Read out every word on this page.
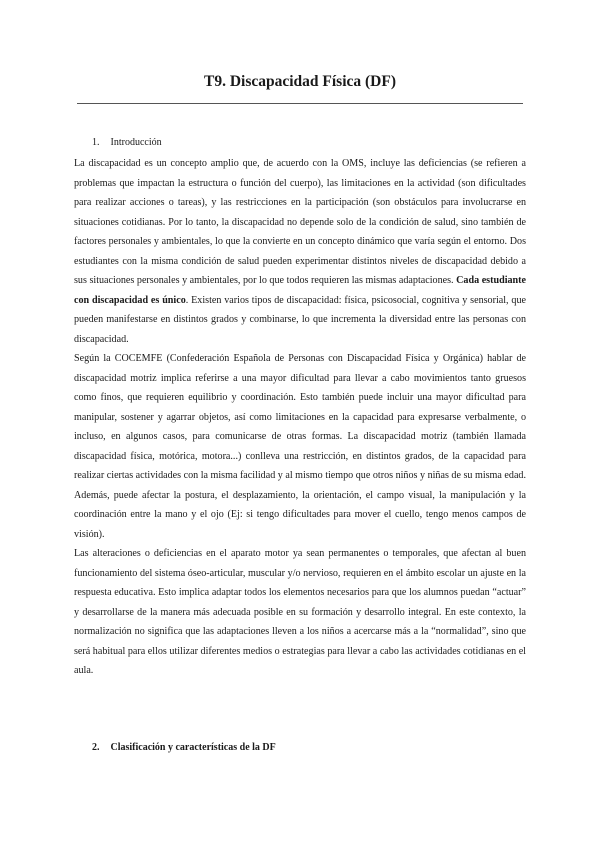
T9. Discapacidad Física (DF)
1. Introducción

La discapacidad es un concepto amplio que, de acuerdo con la OMS, incluye las deficiencias (se refieren a problemas que impactan la estructura o función del cuerpo), las limitaciones en la actividad (son dificultades para realizar acciones o tareas), y las restricciones en la participación (son obstáculos para involucrarse en situaciones cotidianas. Por lo tanto, la discapacidad no depende solo de la condición de salud, sino también de factores personales y ambientales, lo que la convierte en un concepto dinámico que varía según el entorno. Dos estudiantes con la misma condición de salud pueden experimentar distintos niveles de discapacidad debido a sus situaciones personales y ambientales, por lo que todos requieren las mismas adaptaciones. Cada estudiante con discapacidad es único. Existen varios tipos de discapacidad: física, psicosocial, cognitiva y sensorial, que pueden manifestarse en distintos grados y combinarse, lo que incrementa la diversidad entre las personas con discapacidad.

Según la COCEMFE (Confederación Española de Personas con Discapacidad Física y Orgánica) hablar de discapacidad motriz implica referirse a una mayor dificultad para llevar a cabo movimientos tanto gruesos como finos, que requieren equilibrio y coordinación. Esto también puede incluir una mayor dificultad para manipular, sostener y agarrar objetos, así como limitaciones en la capacidad para expresarse verbalmente, o incluso, en algunos casos, para comunicarse de otras formas. La discapacidad motriz (también llamada discapacidad física, motórica, motora...) conlleva una restricción, en distintos grados, de la capacidad para realizar ciertas actividades con la misma facilidad y al mismo tiempo que otros niños y niñas de su misma edad. Además, puede afectar la postura, el desplazamiento, la orientación, el campo visual, la manipulación y la coordinación entre la mano y el ojo (Ej: si tengo dificultades para mover el cuello, tengo menos campos de visión).

Las alteraciones o deficiencias en el aparato motor ya sean permanentes o temporales, que afectan al buen funcionamiento del sistema óseo-articular, muscular y/o nervioso, requieren en el ámbito escolar un ajuste en la respuesta educativa. Esto implica adaptar todos los elementos necesarios para que los alumnos puedan “actuar” y desarrollarse de la manera más adecuada posible en su formación y desarrollo integral. En este contexto, la normalización no significa que las adaptaciones lleven a los niños a acercarse más a la “normalidad”, sino que será habitual para ellos utilizar diferentes medios o estrategias para llevar a cabo las actividades cotidianas en el aula.

2. Clasificación y características de la DF
